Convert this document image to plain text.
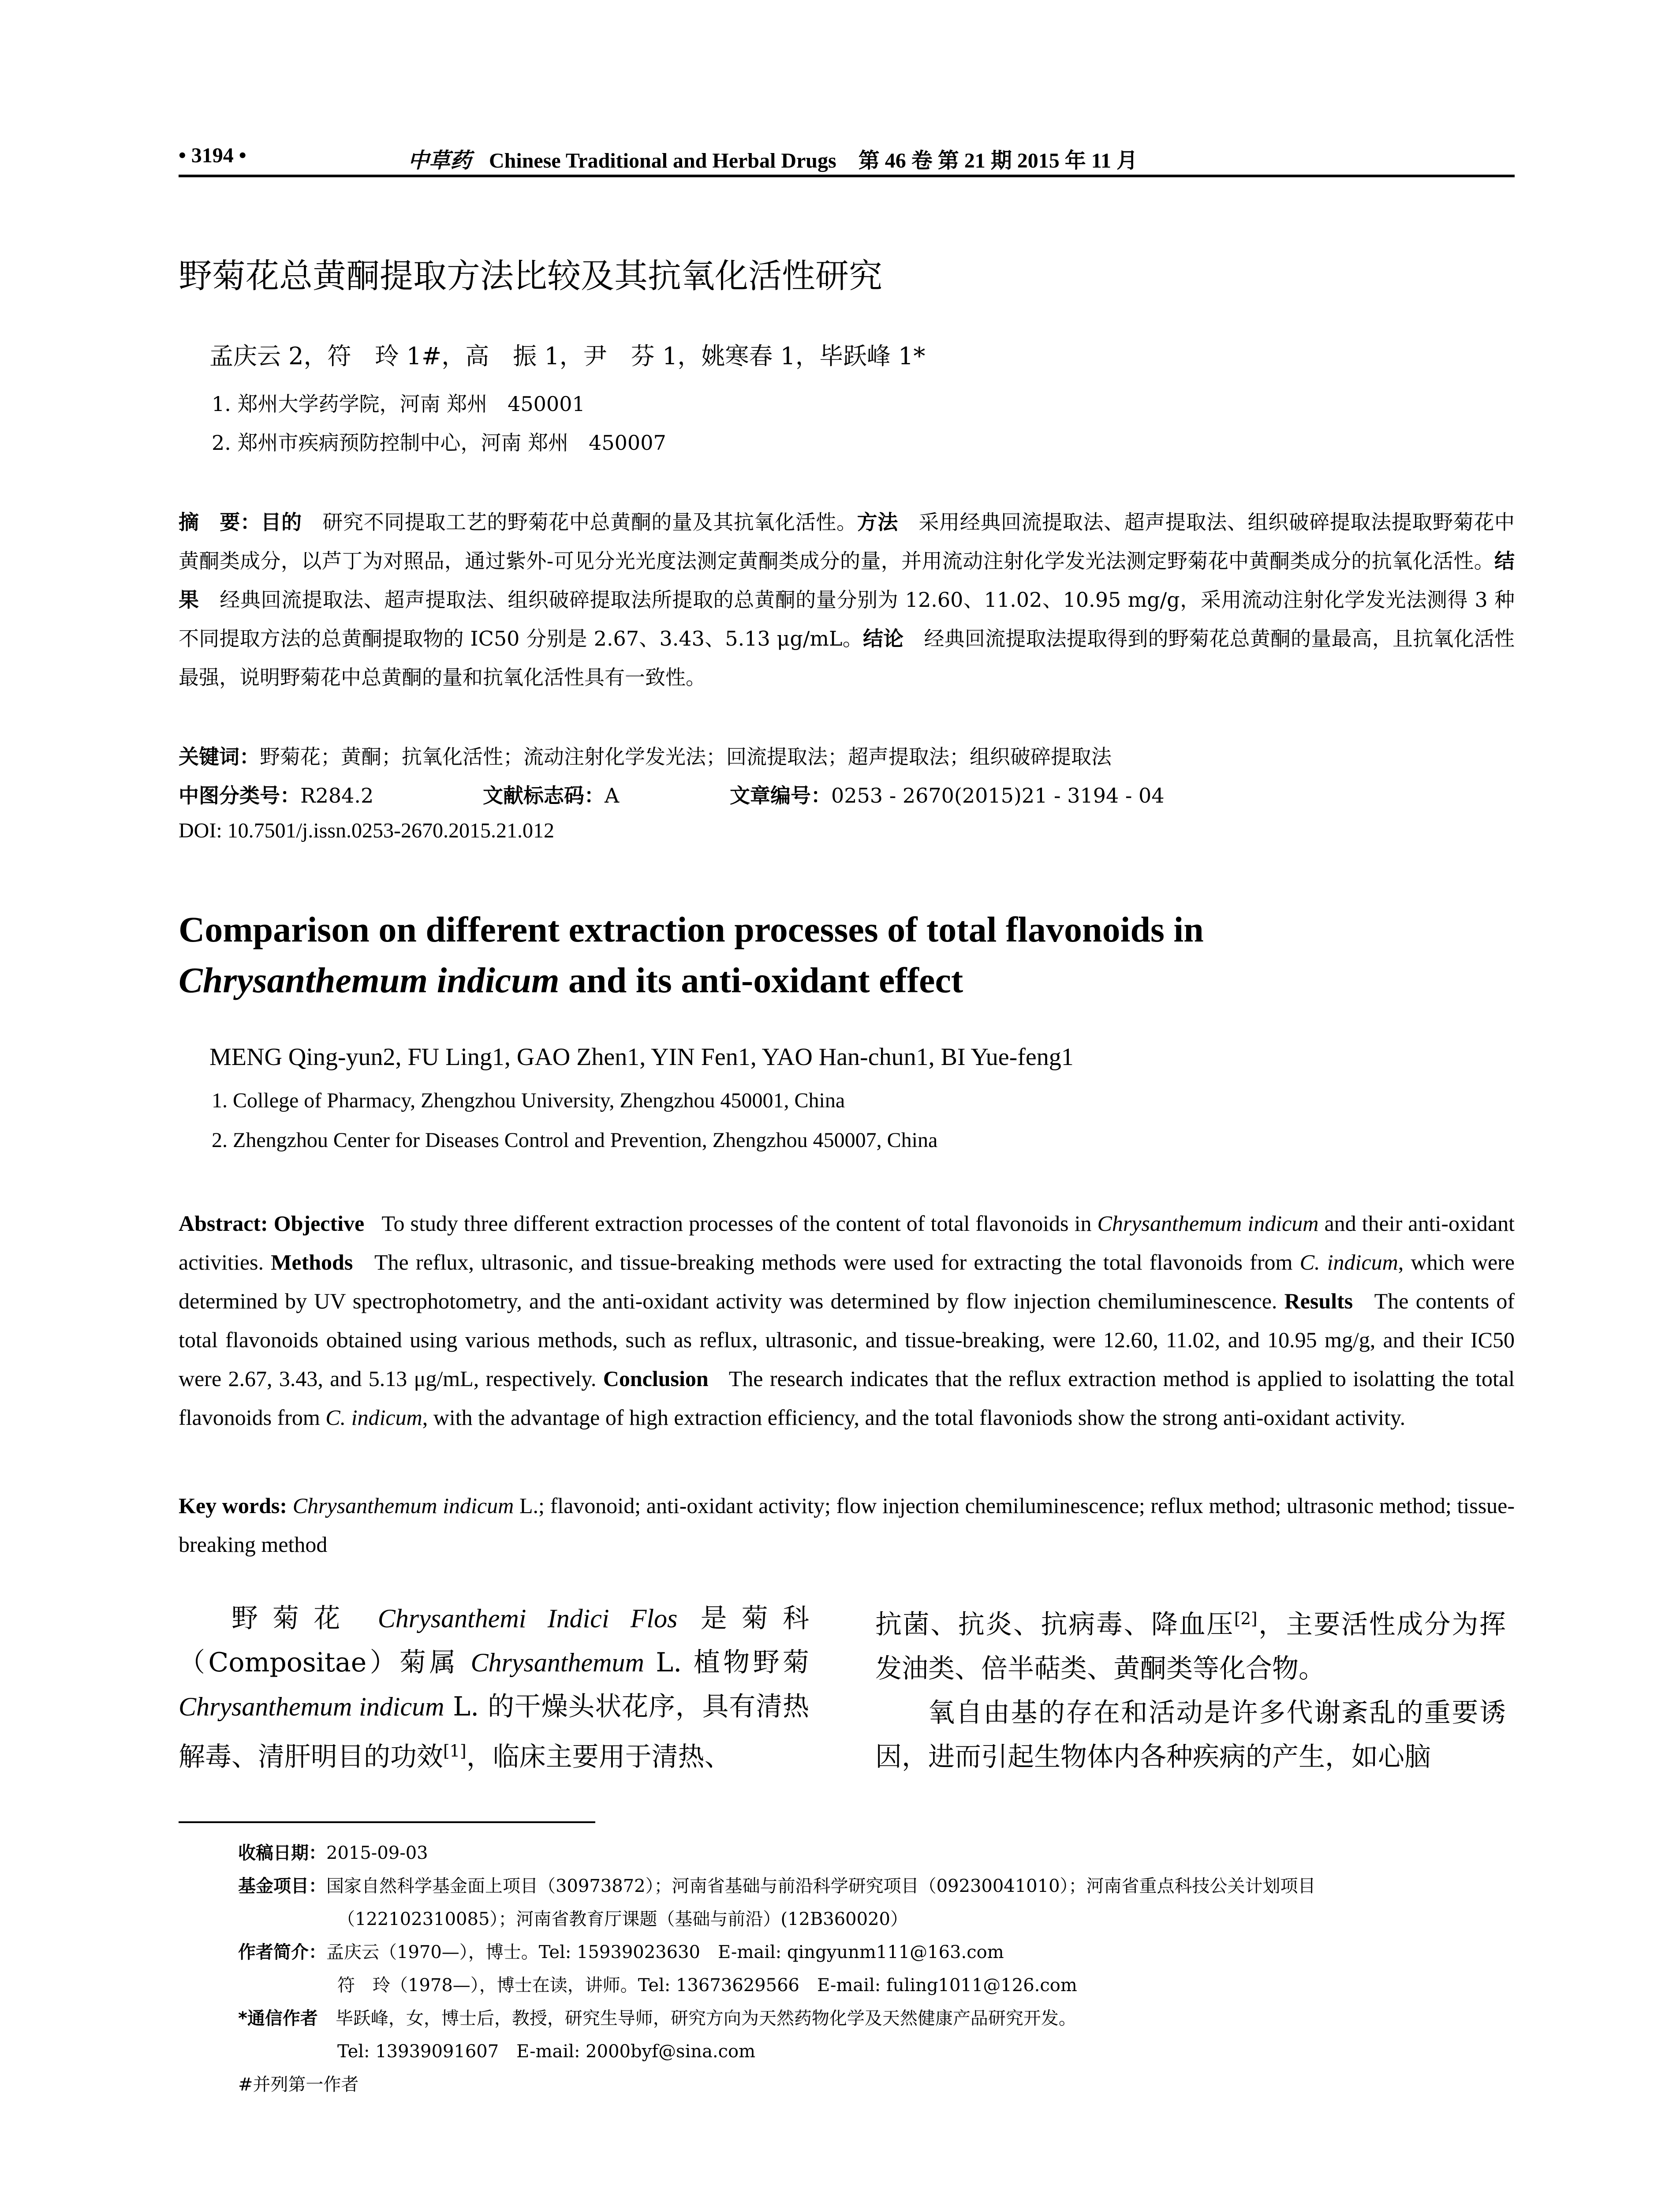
• 3194 •	中草药 Chinese Traditional and Herbal Drugs 第 46 卷 第 21 期 2015 年 11 月
野菊花总黄酮提取方法比较及其抗氧化活性研究
孟庆云 2，符　玲 1#，高　振 1，尹　芬 1，姚寒春 1，毕跃峰 1*
1. 郑州大学药学院，河南 郑州　450001
2. 郑州市疾病预防控制中心，河南 郑州　450007
摘　要：目的　 研究不同提取工艺的野菊花中总黄酮的量及其抗氧化活性。方法　 采用经典回流提取法、超声提取法、组织破碎提取法提取野菊花中黄酮类成分，以芦丁为对照品，通过紫外-可见分光光度法测定黄酮类成分的量，并用流动注射化学发光法测定野菊花中黄酮类成分的抗氧化活性。结果　 经典回流提取法、超声提取法、组织破碎提取法所提取的总黄酮的量分别为 12.60、11.02、10.95 mg/g，采用流动注射化学发光法测得 3 种不同提取方法的总黄酮提取物的 IC50 分别是 2.67、3.43、5.13 μg/mL。结论　 经典回流提取法提取得到的野菊花总黄酮的量最高，且抗氧化活性最强，说明野菊花中总黄酮的量和抗氧化活性具有一致性。
关键词：野菊花；黄酮；抗氧化活性；流动注射化学发光法；回流提取法；超声提取法；组织破碎提取法
中图分类号：R284.2	文献标志码：A	文章编号：0253 - 2670(2015)21 - 3194 - 04
DOI: 10.7501/j.issn.0253-2670.2015.21.012
Comparison on different extraction processes of total flavonoids in
Chrysanthemum indicum and its anti-oxidant effect
MENG Qing-yun2, FU Ling1, GAO Zhen1, YIN Fen1, YAO Han-chun1, BI Yue-feng1
1. College of Pharmacy, Zhengzhou University, Zhengzhou 450001, China
2. Zhengzhou Center for Diseases Control and Prevention, Zhengzhou 450007, China
Abstract: Objective To study three different extraction processes of the content of total flavonoids in Chrysanthemum indicum and their anti-oxidant activities. Methods The reflux, ultrasonic, and tissue-breaking methods were used for extracting the total flavonoids from C. indicum, which were determined by UV spectrophotometry, and the anti-oxidant activity was determined by flow injection chemiluminescence. Results The contents of total flavonoids obtained using various methods, such as reflux, ultrasonic, and tissue-breaking, were 12.60, 11.02, and 10.95 mg/g, and their IC50 were 2.67, 3.43, and 5.13 μg/mL, respectively. Conclusion The research indicates that the reflux extraction method is applied to isolatting the total flavonoids from C. indicum, with the advantage of high extraction efficiency, and the total flavoniods show the strong anti-oxidant activity.
Key words: Chrysanthemum indicum L.; flavonoid; anti-oxidant activity; flow injection chemiluminescence; reflux method; ultrasonic method; tissue-breaking method

野菊花 Chrysanthemi Indici Flos 是菊科（Compositae）菊属 Chrysanthemum L. 植物野菊 Chrysanthemum indicum L. 的干燥头状花序，具有清热解毒、清肝明目的功效[1]，临床主要用于清热、

抗菌、抗炎、抗病毒、降血压[2]，主要活性成分为挥发油类、倍半萜类、黄酮类等化合物。

氧自由基的存在和活动是许多代谢紊乱的重要诱因，进而引起生物体内各种疾病的产生，如心脑

收稿日期：2015-09-03
基金项目：国家自然科学基金面上项目（30973872）；河南省基础与前沿科学研究项目（09230041010）；河南省重点科技公关计划项目
（122102310085）；河南省教育厅课题（基础与前沿）(12B360020）
作者简介：孟庆云（1970—），博士。Tel: 15939023630　E-mail: qingyunm111@163.com
符　玲（1978—），博士在读，讲师。Tel: 13673629566　E-mail: fuling1011@126.com
*通信作者　 毕跃峰，女，博士后，教授，研究生导师，研究方向为天然药物化学及天然健康产品研究开发。
Tel: 13939091607　E-mail: 2000byf@sina.com
#并列第一作者
